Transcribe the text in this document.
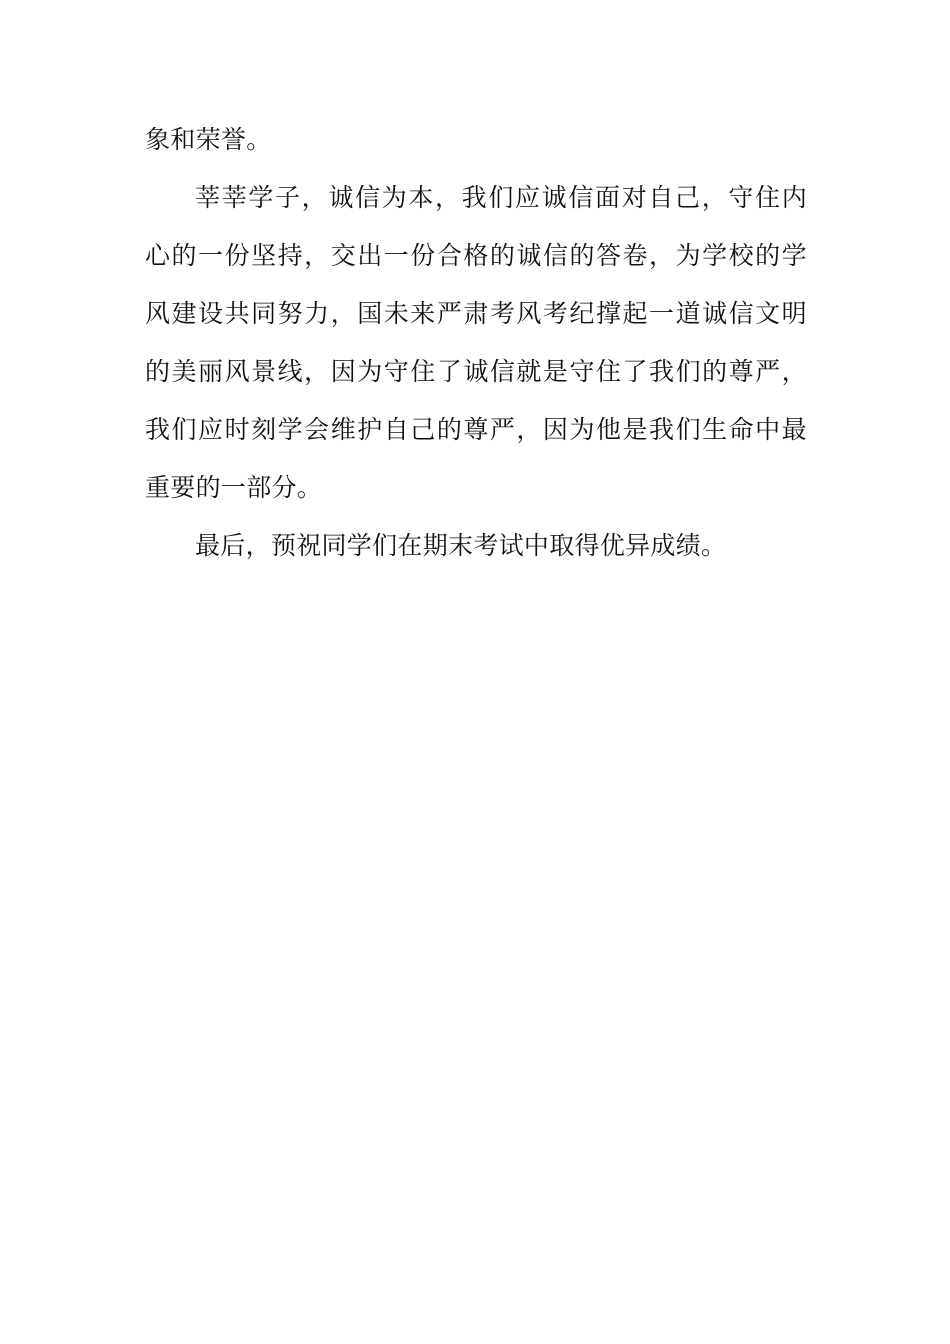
象和荣誉。
莘莘学子，诚信为本，我们应诚信面对自己，守住内
心的一份坚持，交出一份合格的诚信的答卷，为学校的学
风建设共同努力，国未来严肃考风考纪撑起一道诚信文明
的美丽风景线，因为守住了诚信就是守住了我们的尊严，
我们应时刻学会维护自己的尊严，因为他是我们生命中最
重要的一部分。
最后，预祝同学们在期末考试中取得优异成绩。
